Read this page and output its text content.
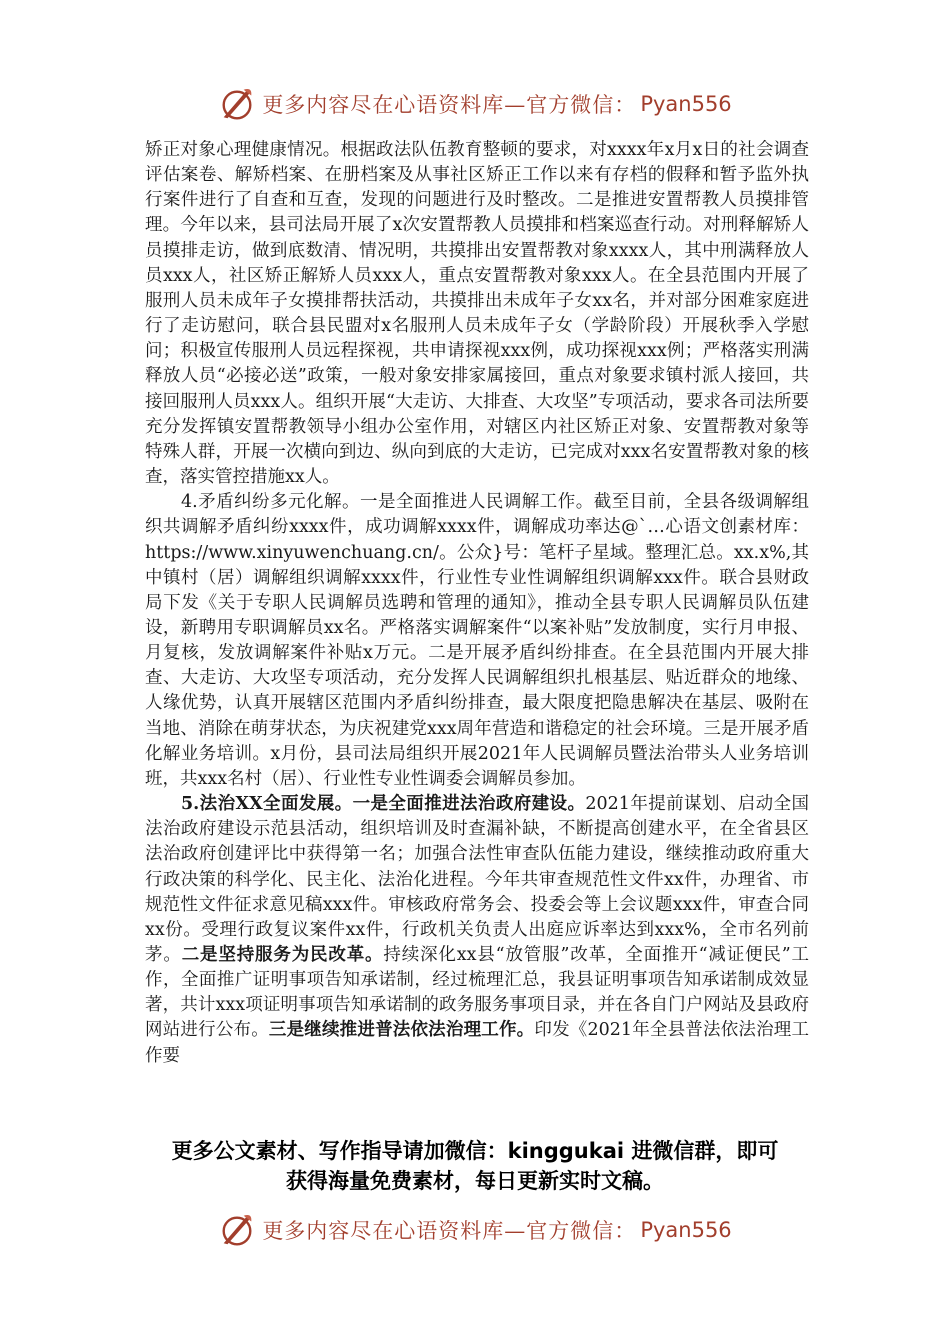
更多内容尽在心语资料库—官方微信： Pyan556

矫正对象心理健康情况。根据政法队伍教育整顿的要求，对xxxx年x月x日的社会调查评估案卷、解矫档案、在册档案及从事社区矫正工作以来有存档的假释和暂予监外执行案件进行了自查和互查，发现的问题进行及时整改。二是推进安置帮教人员摸排管理。今年以来，县司法局开展了x次安置帮教人员摸排和档案巡查行动。对刑释解矫人员摸排走访，做到底数清、情况明，共摸排出安置帮教对象xxxx人，其中刑满释放人员xxx人，社区矫正解矫人员xxx人，重点安置帮教对象xxx人。在全县范围内开展了服刑人员未成年子女摸排帮扶活动，共摸排出未成年子女xx名，并对部分困难家庭进行了走访慰问，联合县民盟对x名服刑人员未成年子女（学龄阶段）开展秋季入学慰问；积极宣传服刑人员远程探视，共申请探视xxx例，成功探视xxx例；严格落实刑满释放人员“必接必送”政策，一般对象安排家属接回，重点对象要求镇村派人接回，共接回服刑人员xxx人。组织开展“大走访、大排查、大攻坚”专项活动，要求各司法所要充分发挥镇安置帮教领导小组办公室作用，对辖区内社区矫正对象、安置帮教对象等特殊人群，开展一次横向到边、纵向到底的大走访，已完成对xxx名安置帮教对象的核查，落实管控措施xx人。

4.矛盾纠纷多元化解。一是全面推进人民调解工作。截至目前，全县各级调解组织共调解矛盾纠纷xxxx件，成功调解xxxx件，调解成功率达@`…心语文创素材库：https://www.xinyuwenchuang.cn/。公众}号：笔杆子星域。整理汇总。xx.x%,其中镇村（居）调解组织调解xxxx件，行业性专业性调解组织调解xxx件。联合县财政局下发《关于专职人民调解员选聘和管理的通知》，推动全县专职人民调解员队伍建设，新聘用专职调解员xx名。严格落实调解案件“以案补贴”发放制度，实行月申报、月复核，发放调解案件补贴x万元。二是开展矛盾纠纷排查。在全县范围内开展大排查、大走访、大攻坚专项活动，充分发挥人民调解组织扎根基层、贴近群众的地缘、人缘优势，认真开展辖区范围内矛盾纠纷排查，最大限度把隐患解决在基层、吸附在当地、消除在萌芽状态，为庆祝建党xxx周年营造和谐稳定的社会环境。三是开展矛盾化解业务培训。x月份，县司法局组织开展2021年人民调解员暨法治带头人业务培训班，共xxx名村（居）、行业性专业性调委会调解员参加。

5.法治XX全面发展。一是全面推进法治政府建设。2021年提前谋划、启动全国法治政府建设示范县活动，组织培训及时查漏补缺，不断提高创建水平，在全省县区法治政府创建评比中获得第一名；加强合法性审查队伍能力建设，继续推动政府重大行政决策的科学化、民主化、法治化进程。今年共审查规范性文件xx件，办理省、市规范性文件征求意见稿xxx件。审核政府常务会、投委会等上会议题xxx件，审查合同xx份。受理行政复议案件xx件，行政机关负责人出庭应诉率达到xxx%，全市名列前茅。二是坚持服务为民改革。持续深化xx县“放管服”改革，全面推开“减证便民”工作，全面推广证明事项告知承诺制，经过梳理汇总，我县证明事项告知承诺制成效显著，共计xxx项证明事项告知承诺制的政务服务事项目录，并在各自门户网站及县政府网站进行公布。三是继续推进普法依法治理工作。印发《2021年全县普法依法治理工作要

更多公文素材、写作指导请加微信：kinggukai 进微信群，即可
获得海量免费素材，每日更新实时文稿。
更多内容尽在心语资料库—官方微信： Pyan556
